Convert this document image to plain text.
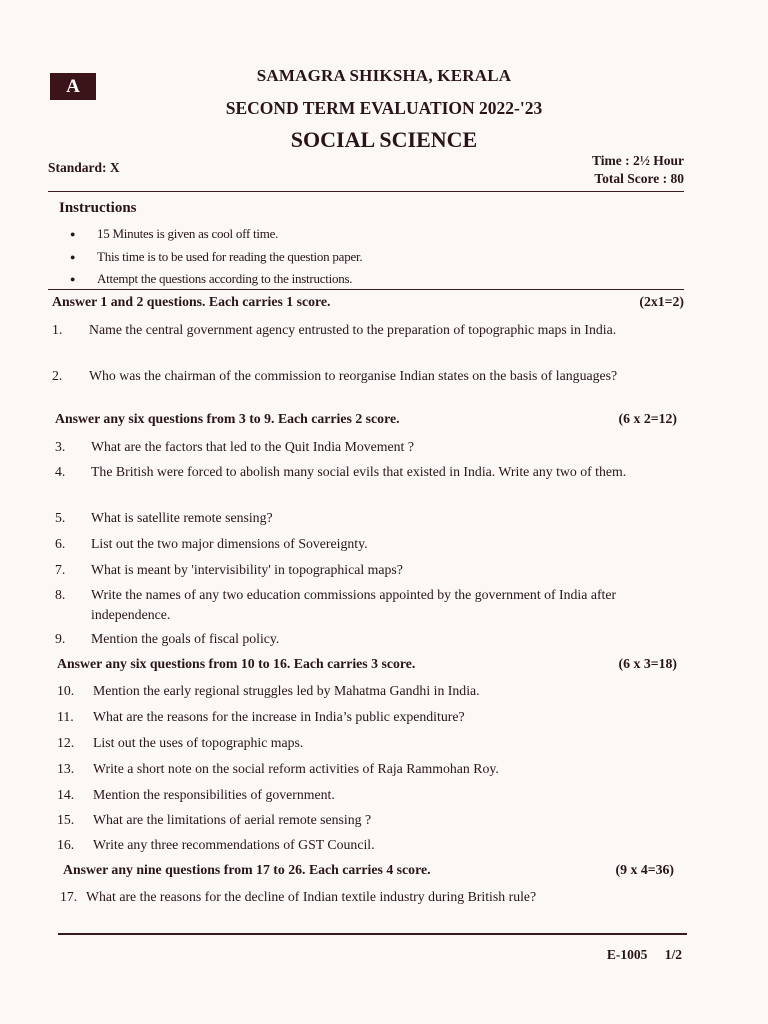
A	SAMAGRA SHIKSHA, KERALA
SECOND TERM EVALUATION 2022-'23
SOCIAL SCIENCE
Standard: X	Time : 2½ Hour
Total Score : 80
Instructions
● 15 Minutes is given as cool off time.
● This time is to be used for reading the question paper.
● Attempt the questions according to the instructions.
Answer 1 and 2 questions. Each carries 1 score.	(2x1=2)
1. Name the central government agency entrusted to the preparation of topographic maps in India.
2. Who was the chairman of the commission to reorganise Indian states on the basis of languages?
Answer any six questions from 3 to 9. Each carries 2 score.	(6 x 2=12)
3. What are the factors that led to the Quit India Movement ?
4. The British were forced to abolish many social evils that existed in India. Write any two of them.
5. What is satellite remote sensing?
6. List out the two major dimensions of Sovereignty.
7. What is meant by 'intervisibility' in topographical maps?
8. Write the names of any two education commissions appointed by the government of India after independence.
9. Mention the goals of fiscal policy.
Answer any six questions from 10 to 16. Each carries 3 score.	(6 x 3=18)
10. Mention the early regional struggles led by Mahatma Gandhi in India.
11. What are the reasons for the increase in India’s public expenditure?
12. List out the uses of topographic maps.
13. Write a short note on the social reform activities of Raja Rammohan Roy.
14. Mention the responsibilities of government.
15. What are the limitations of aerial remote sensing ?
16. Write any three recommendations of GST Council.
Answer any nine questions from 17 to 26. Each carries 4 score.	(9 x 4=36)
17. What are the reasons for the decline of Indian textile industry during British rule?
E-1005 1/2
